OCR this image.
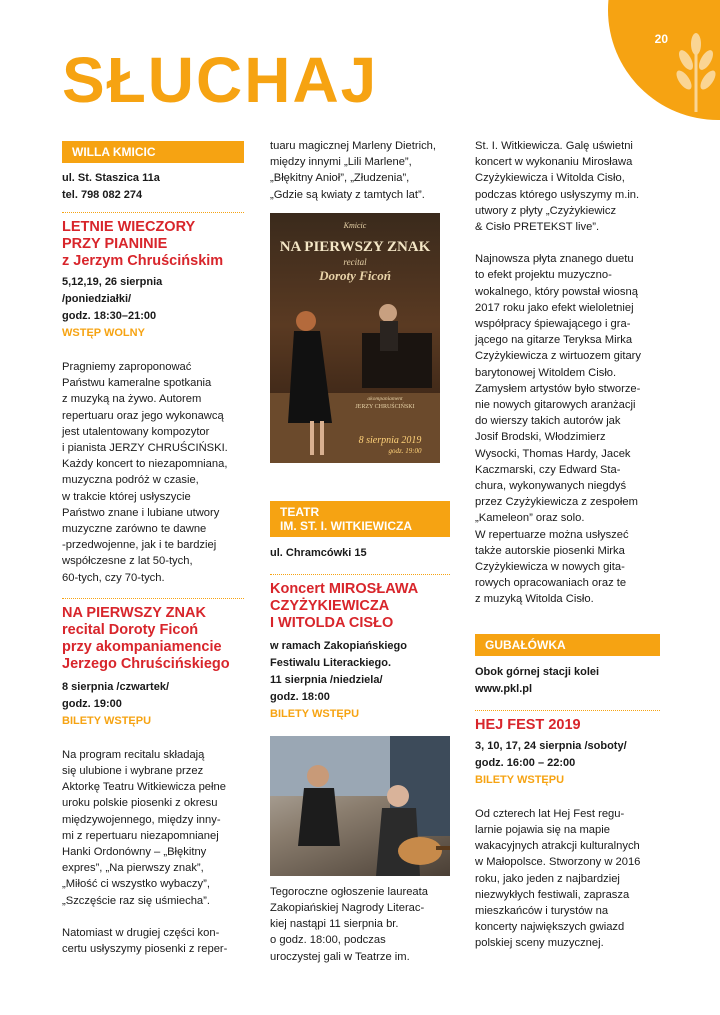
20
SŁUCHAJ
WILLA KMICIC

ul. St. Staszica 11a
tel. 798 082 274

LETNIE WIECZORY
PRZY PIANINIE
z Jerzym Chruścińskim

5,12,19, 26 sierpnia
/poniedziałki/
godz. 18:30–21:00

WSTĘP WOLNY

Pragniemy zaproponować
Państwu kameralne spotkania
z muzyką na żywo. Autorem
repertuaru oraz jego wykonawcą
jest utalentowany kompozytor
i pianista JERZY CHRUŚCIŃSKI.
Każdy koncert to niezapomniana,
muzyczna podróż w czasie,
w trakcie której usłyszycie
Państwo znane i lubiane utwory
muzyczne zarówno te dawne
-przedwojenne, jak i te bardziej
współczesne z lat 50-tych,
60-tych, czy 70-tych.

NA PIERWSZY ZNAK
recital Doroty Ficoń
przy akompaniamencie
Jerzego Chruścińskiego

8 sierpnia /czwartek/
godz. 19:00

BILETY WSTĘPU

Na program recitalu składają
się ulubione i wybrane przez
Aktorkę Teatru Witkiewicza pełne
uroku polskie piosenki z okresu
międzywojennego, między inny-
mi z repertuaru niezapomnianej
Hanki Ordonówny – „Błękitny
expres”, „Na pierwszy znak”,
„Miłość ci wszystko wybaczy”,
„Szczęście raz się uśmiecha”.

Natomiast w drugiej części kon-
certu usłyszymy piosenki z reper-

tuaru magicznej Marleny Dietrich,
między innymi „Lili Marlene”,
„Błękitny Anioł”, „Złudzenia”,
„Gdzie są kwiaty z tamtych lat”.

Kmicic
NA PIERWSZY ZNAK
recital
Doroty Ficoń
akompaniament
JERZY CHRUŚCIŃSKI
8 sierpnia 2019
godz. 19:00
TEATR
IM. ST. I. WITKIEWICZA

ul. Chramcówki 15

Koncert MIROSŁAWA
CZYŻYKIEWICZA
I WITOLDA CISŁO

w ramach Zakopiańskiego
Festiwalu Literackiego.
11 sierpnia /niedziela/
godz. 18:00

BILETY WSTĘPU

Tegoroczne ogłoszenie laureata
Zakopiańskiej Nagrody Literac-
kiej nastąpi 11 sierpnia br.
o godz. 18:00, podczas
uroczystej gali w Teatrze im.

St. I. Witkiewicza. Galę uświetni
koncert w wykonaniu Mirosława
Czyżykiewicza i Witolda Cisło,
podczas którego usłyszymy m.in.
utwory z płyty „Czyżykiewicz
& Cisło PRETEKST live”.

Najnowsza płyta znanego duetu
to efekt projektu muzyczno-
wokalnego, który powstał wiosną
2017 roku jako efekt wieloletniej
współpracy śpiewającego i gra-
jącego na gitarze Teryksa Mirka
Czyżykiewicza z wirtuozem gitary
barytonowej Witoldem Cisło.
Zamysłem artystów było stworze-
nie nowych gitarowych aranżacji
do wierszy takich autorów jak
Josif Brodski, Włodzimierz
Wysocki, Thomas Hardy, Jacek
Kaczmarski, czy Edward Sta-
chura, wykonywanych niegdyś
przez Czyżykiewicza z zespołem
„Kameleon” oraz solo.
W repertuarze można usłyszeć
także autorskie piosenki Mirka
Czyżykiewicza w nowych gita-
rowych opracowaniach oraz te
z muzyką Witolda Cisło.

GUBAŁÓWKA

Obok górnej stacji kolei
www.pkl.pl

HEJ FEST 2019

3, 10, 17, 24 sierpnia /soboty/
godz. 16:00 – 22:00

BILETY WSTĘPU

Od czterech lat Hej Fest regu-
larnie pojawia się na mapie
wakacyjnych atrakcji kulturalnych
w Małopolsce. Stworzony w 2016
roku, jako jeden z najbardziej
niezwykłych festiwali, zaprasza
mieszkańców i turystów na
koncerty największych gwiazd
polskiej sceny muzycznej.
